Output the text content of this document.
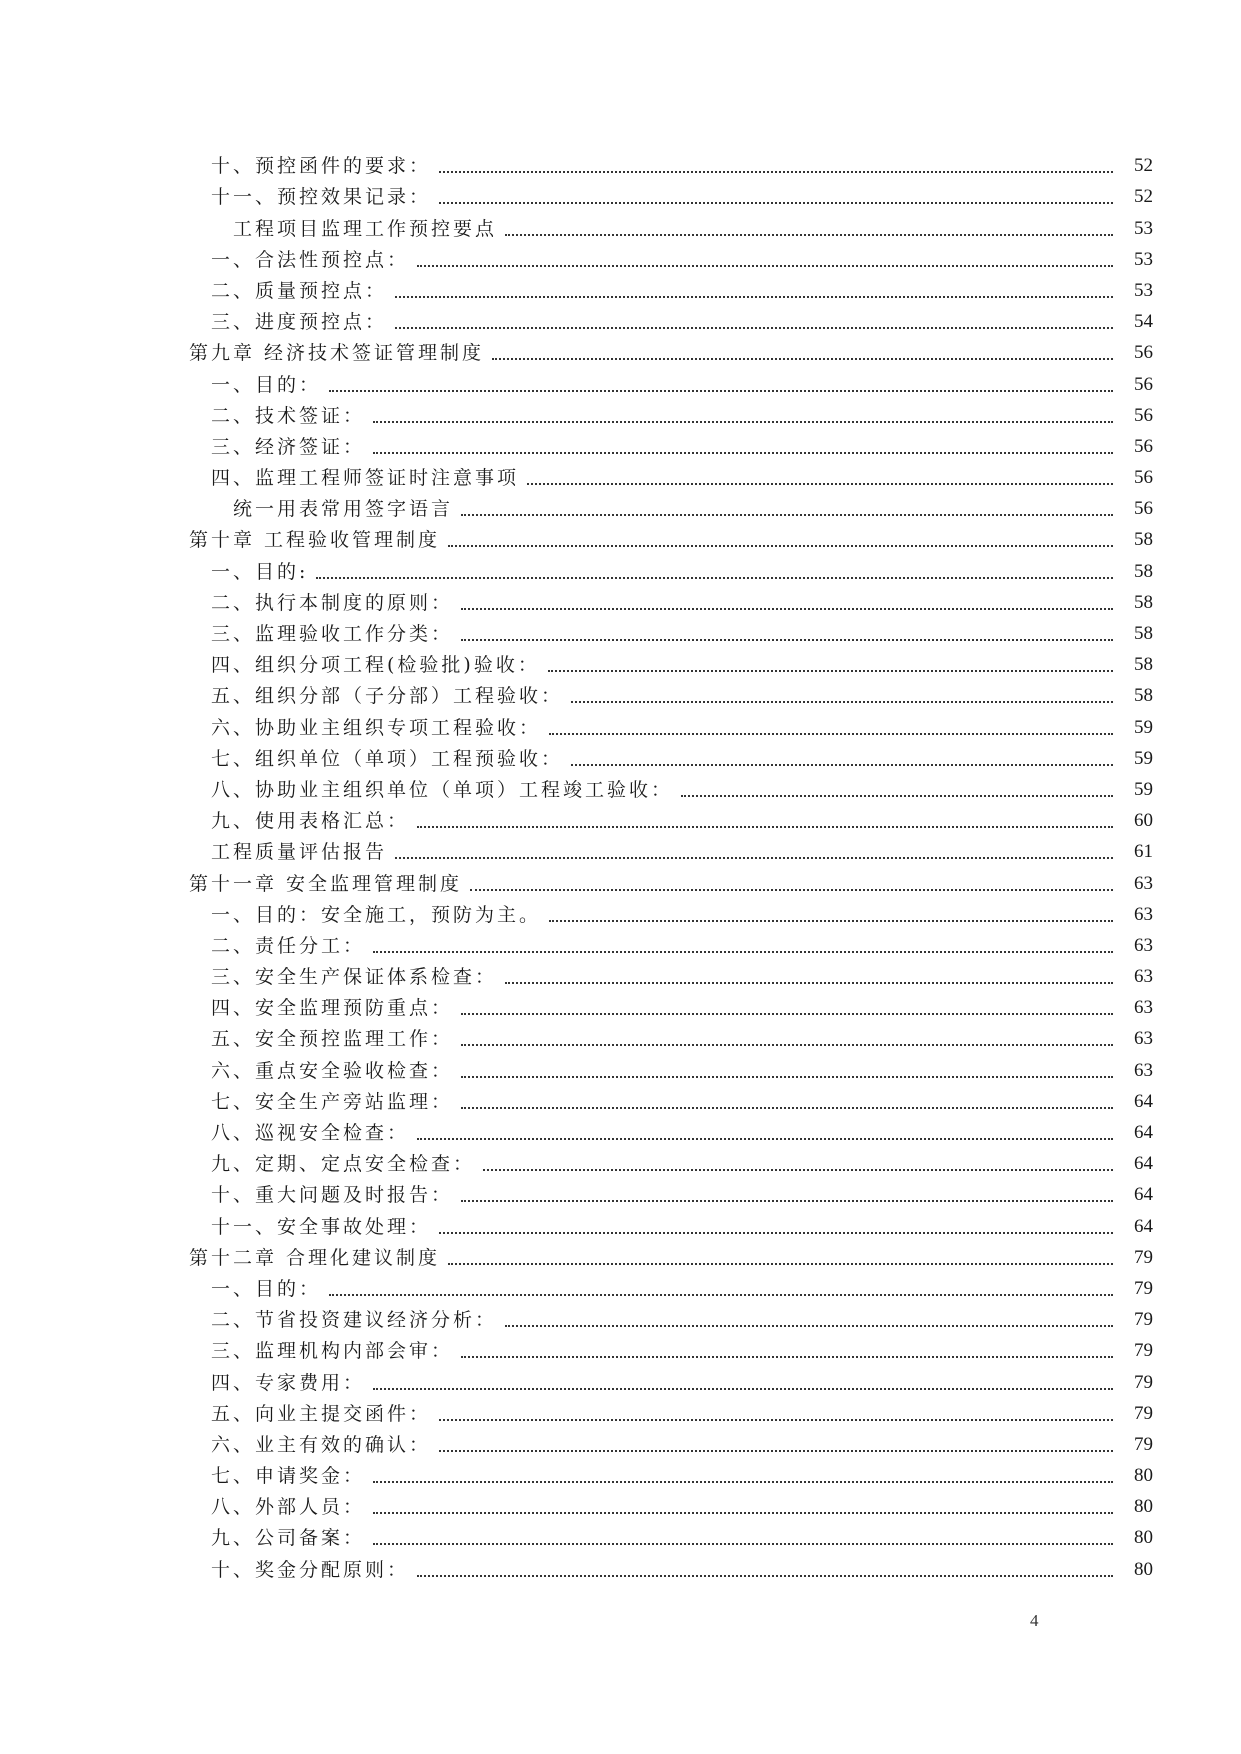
十、预控函件的要求：	52
十一、预控效果记录：	52
工程项目监理工作预控要点	53
一、合法性预控点：	53
二、质量预控点：	53
三、进度预控点：	54
第九章 经济技术签证管理制度	56
一、目的：	56
二、技术签证：	56
三、经济签证：	56
四、监理工程师签证时注意事项	56
统一用表常用签字语言	56
第十章 工程验收管理制度	58
一、目的:	58
二、执行本制度的原则：	58
三、监理验收工作分类：	58
四、组织分项工程(检验批)验收：	58
五、组织分部（子分部）工程验收：	58
六、协助业主组织专项工程验收：	59
七、组织单位（单项）工程预验收：	59
八、协助业主组织单位（单项）工程竣工验收：	59
九、使用表格汇总：	60
工程质量评估报告	61
第十一章 安全监理管理制度	63
一、目的：安全施工，预防为主。	63
二、责任分工：	63
三、安全生产保证体系检查：	63
四、安全监理预防重点：	63
五、安全预控监理工作：	63
六、重点安全验收检查：	63
七、安全生产旁站监理：	64
八、巡视安全检查：	64
九、定期、定点安全检查：	64
十、重大问题及时报告：	64
十一、安全事故处理：	64
第十二章 合理化建议制度	79
一、目的：	79
二、节省投资建议经济分析：	79
三、监理机构内部会审：	79
四、专家费用：	79
五、向业主提交函件：	79
六、业主有效的确认：	79
七、申请奖金：	80
八、外部人员：	80
九、公司备案：	80
十、奖金分配原则：	80
4
